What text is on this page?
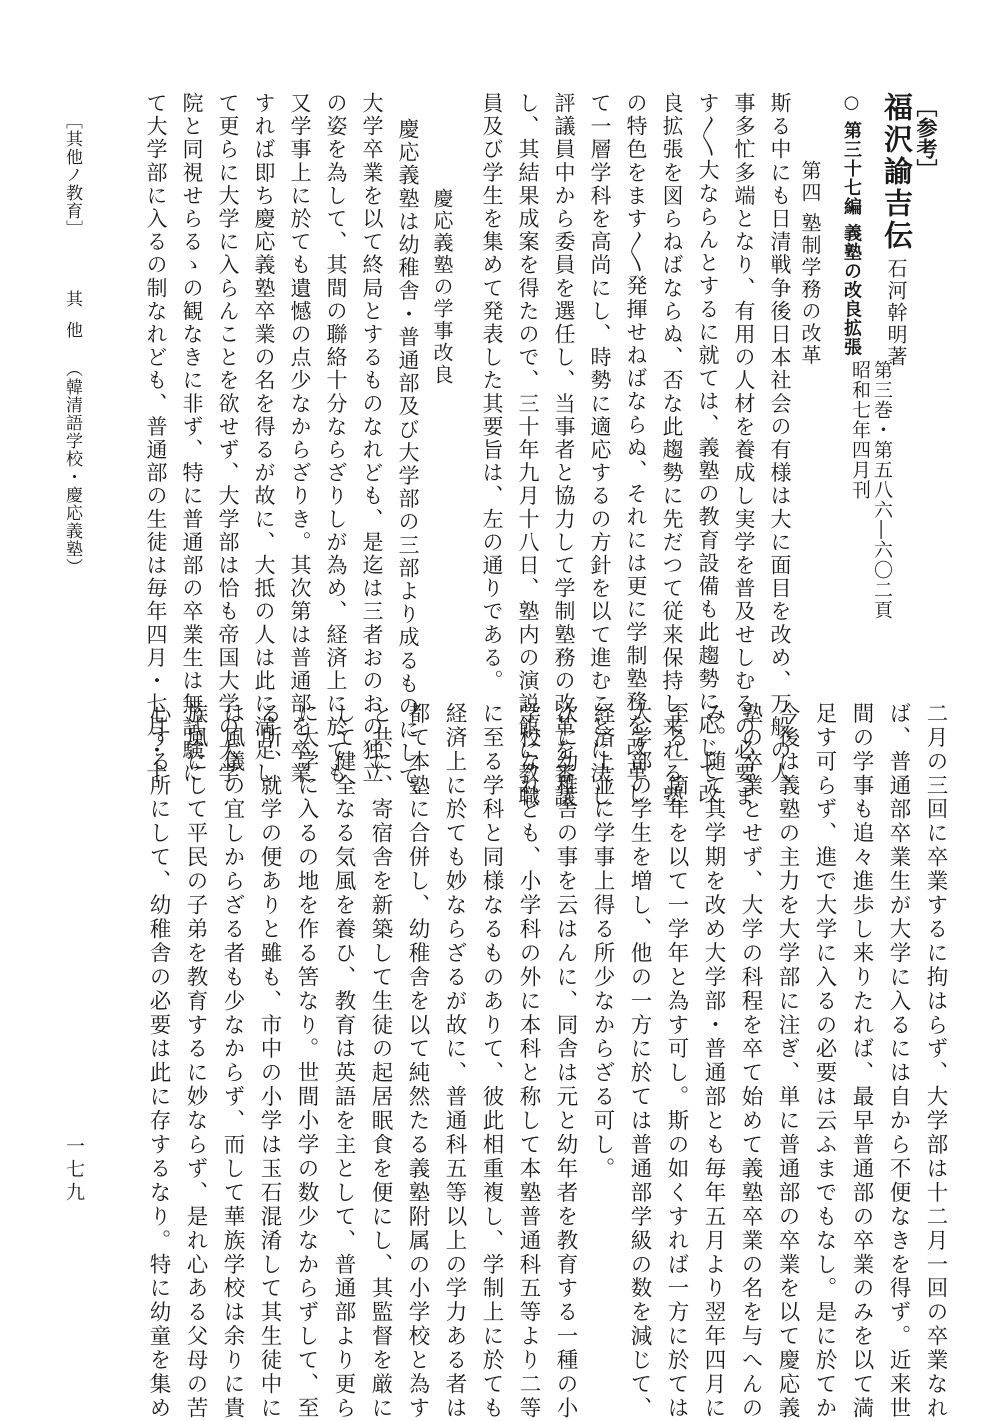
［参考］
福沢諭吉伝
石河幹明著
第三巻・第五八六―六〇二頁
昭和七年四月刊
○ 第三十七編 義塾の改良拡張
第四 塾制学務の改革
斯る中にも日清戦争後日本社会の有様は大に面目を改め、万般の人
事多忙多端となり、有用の人材を養成し実学を普及せしむるの必要ま
す〳〵大ならんとするに就ては、義塾の教育設備も此趨勢に応じて改
良拡張を図らねばならぬ、否な此趨勢に先だつて従来保持し来れる塾
の特色をます〳〵発揮せねばならぬ、それには更に学制塾務を改革し
て一層学科を高尚にし、時勢に適応するの方針を以て進むことに決し
評議員中から委員を選任し、当事者と協力して学制塾務の改革を審議
し、其結果成案を得たので、三十年九月十八日、塾内の演説館に教職
員及び学生を集めて発表した其要旨は、左の通りである。
慶応義塾の学事改良
慶応義塾は幼稚舎・普通部及び大学部の三部より成るものにして、
大学卒業を以て終局とするものなれども、是迄は三者おのおの独立
の姿を為して、其間の聯絡十分ならざりしが為め、経済上に於ても
又学事上に於ても遺憾の点少なからざりき。其次第は普通部を卒業
すれば即ち慶応義塾卒業の名を得るが故に、大抵の人は此に満足し
て更らに大学に入らんことを欲せず、大学部は恰も帝国大学の大学
院と同視せらるゝの観なきに非ず、特に普通部の卒業生は無試験に
て大学部に入るの制なれども、普通部の生徒は毎年四月・七月・十
［其他ノ教育］
其他
（韓清語学校・慶応義塾）
二月の三回に卒業するに拘はらず、大学部は十二月一回の卒業なれ
ば、普通部卒業生が大学に入るには自から不便なきを得ず。近来世
間の学事も追々進歩し来りたれば、最早普通部の卒業のみを以て満
足す可らず、進で大学に入るの必要は云ふまでもなし。是に於てか
今後は義塾の主力を大学部に注ぎ、単に普通部の卒業を以て慶応義
塾の卒業とせず、大学の科程を卒て始めて義塾卒業の名を与へんの
み。随て其学期を改め大学部・普通部とも毎年五月より翌年四月に
至る一箇年を以て一学年と為す可し。斯の如くすれば一方に於ては
大学部の学生を増し、他の一方に於ては普通部学級の数を減じて、
経済上並に学事上得る所少なからざる可し。
次に幼稚舎の事を云はんに、同舎は元と幼年者を教育する一種の小
学校なれども、小学科の外に本科と称して本塾普通科五等より二等
に至る学科と同様なるものありて、彼此相重複し、学制上に於ても
経済上に於ても妙ならざるが故に、普通科五等以上の学力ある者は
都て本塾に合併し、幼稚舎を以て純然たる義塾附属の小学校と為す
と共に、寄宿舎を新築して生徒の起居眠食を便にし、其監督を厳に
して健全なる気風を養ひ、教育は英語を主として、普通部より更ら
に大学に入るの地を作る筈なり。世間小学の数少なからずして、至
る所、就学の便ありと雖も、市中の小学は玉石混淆して其生徒中に
は風儀の宜しからざる者も少なからず、而して華族学校は余りに貴
族風にして平民の子弟を教育するに妙ならず、是れ心ある父母の苦
心する所にして、幼稚舎の必要は此に存するなり。特に幼童を集め
一七九
